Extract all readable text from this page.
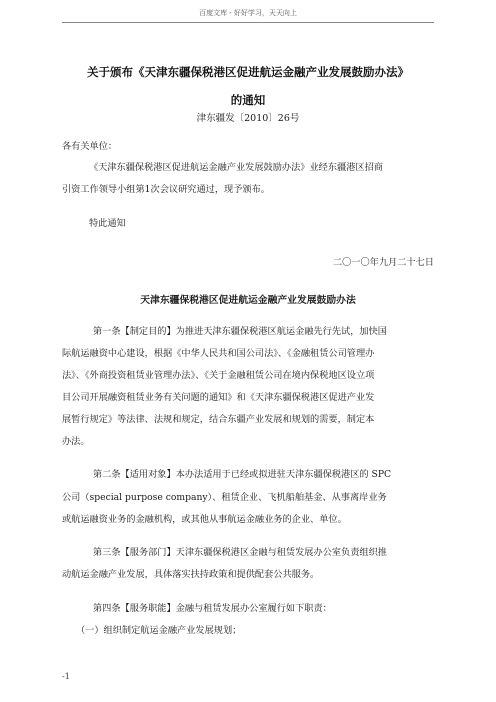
百度文库 - 好好学习，天天向上
关于颁布《天津东疆保税港区促进航运金融产业发展鼓励办法》
的通知
津东疆发〔2010〕26号
各有关单位：
《天津东疆保税港区促进航运金融产业发展鼓励办法》业经东疆港区招商
引资工作领导小组第1次会议研究通过，现予颁布。
特此通知
二〇一〇年九月二十七日
天津东疆保税港区促进航运金融产业发展鼓励办法
第一条【制定目的】为推进天津东疆保税港区航运金融先行先试，加快国
际航运融资中心建设，根据《中华人民共和国公司法》、《金融租赁公司管理办
法》、《外商投资租赁业管理办法》、《关于金融租赁公司在境内保税地区设立项
目公司开展融资租赁业务有关问题的通知》和《天津东疆保税港区促进产业发
展暂行规定》等法律、法规和规定，结合东疆产业发展和规划的需要，制定本
办法。
第二条【适用对象】本办法适用于已经或拟进驻天津东疆保税港区的 SPC
公司（special purpose company）、租赁企业、飞机船舶基金、从事离岸业务
或航运融资业务的金融机构，或其他从事航运金融业务的企业、单位。
第三条【服务部门】天津东疆保税港区金融与租赁发展办公室负责组织推
动航运金融产业发展，具体落实扶持政策和提供配套公共服务。
第四条【服务职能】金融与租赁发展办公室履行如下职责：
（一）组织制定航运金融产业发展规划；
-1
